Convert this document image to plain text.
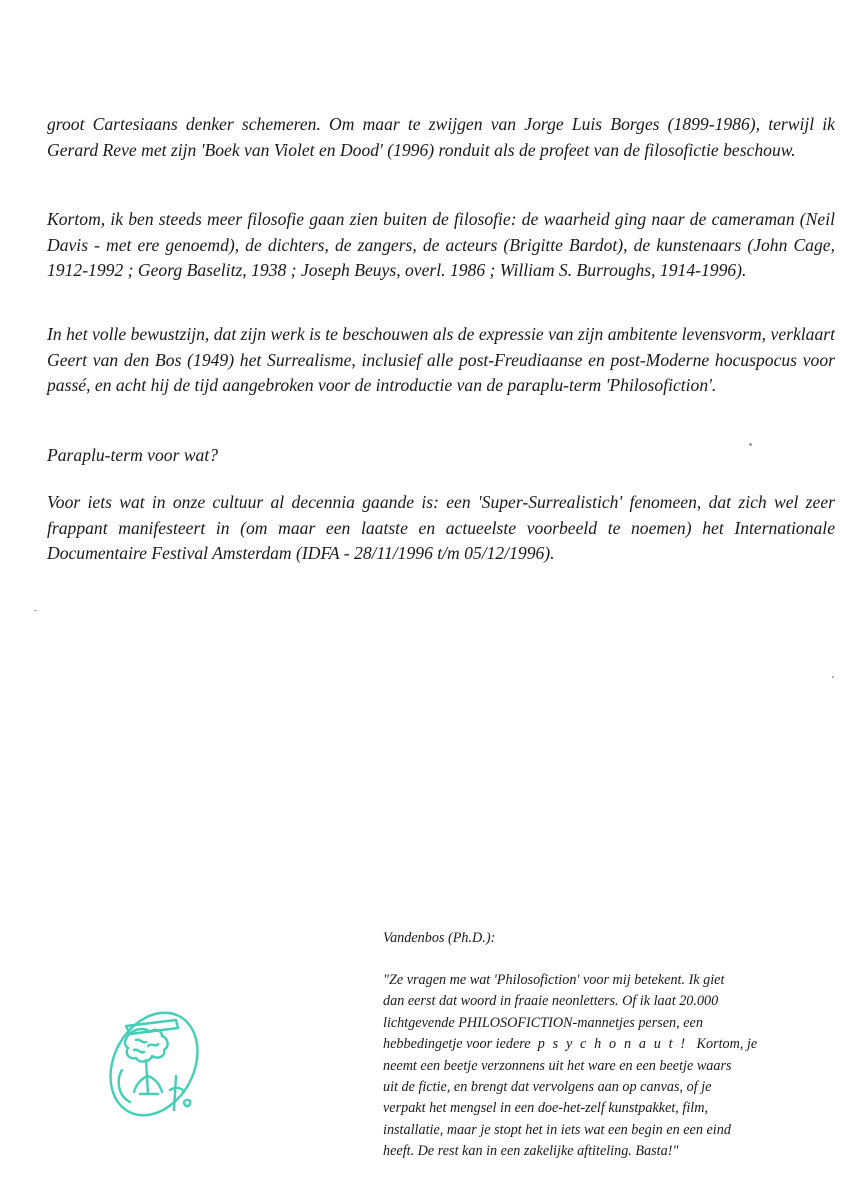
groot Cartesiaans denker schemeren. Om maar te zwijgen van Jorge Luis Borges (1899-1986), terwijl ik Gerard Reve met zijn 'Boek van Violet en Dood' (1996) ronduit als de profeet van de filosofictie beschouw.

Kortom, ik ben steeds meer filosofie gaan zien buiten de filosofie: de waarheid ging naar de cameraman (Neil Davis - met ere genoemd), de dichters, de zangers, de acteurs (Brigitte Bardot), de kunstenaars (John Cage, 1912-1992 ; Georg Baselitz, 1938 ; Joseph Beuys, overl. 1986 ; William S. Burroughs, 1914-1996).

In het volle bewustzijn, dat zijn werk is te beschouwen als de expressie van zijn ambitente levensvorm, verklaart Geert van den Bos (1949) het Surrealisme, inclusief alle post-Freudiaanse en post-Moderne hocuspocus voor passé, en acht hij de tijd aangebroken voor de introductie van de paraplu-term 'Philosofiction'.

Paraplu-term voor wat?

Voor iets wat in onze cultuur al decennia gaande is: een 'Super-Surrealistich' fenomeen, dat zich wel zeer frappant manifesteert in (om maar een laatste en actueelste voorbeeld te noemen) het Internationale Documentaire Festival Amsterdam (IDFA - 28/11/1996 t/m 05/12/1996).

Vandenbos (Ph.D.):

"Ze vragen me wat 'Philosofiction' voor mij betekent. Ik giet
dan eerst dat woord in fraaie neonletters. Of ik laat 20.000
lichtgevende PHILOSOFICTION-mannetjes persen, een
hebbedingetje voor iedere psychonaut! Kortom, je
neemt een beetje verzonnens uit het ware en een beetje waars
uit de fictie, en brengt dat vervolgens aan op canvas, of je
verpakt het mengsel in een doe-het-zelf kunstpakket, film,
installatie, maar je stopt het in iets wat een begin en een eind
heeft. De rest kan in een zakelijke aftiteling. Basta!"
